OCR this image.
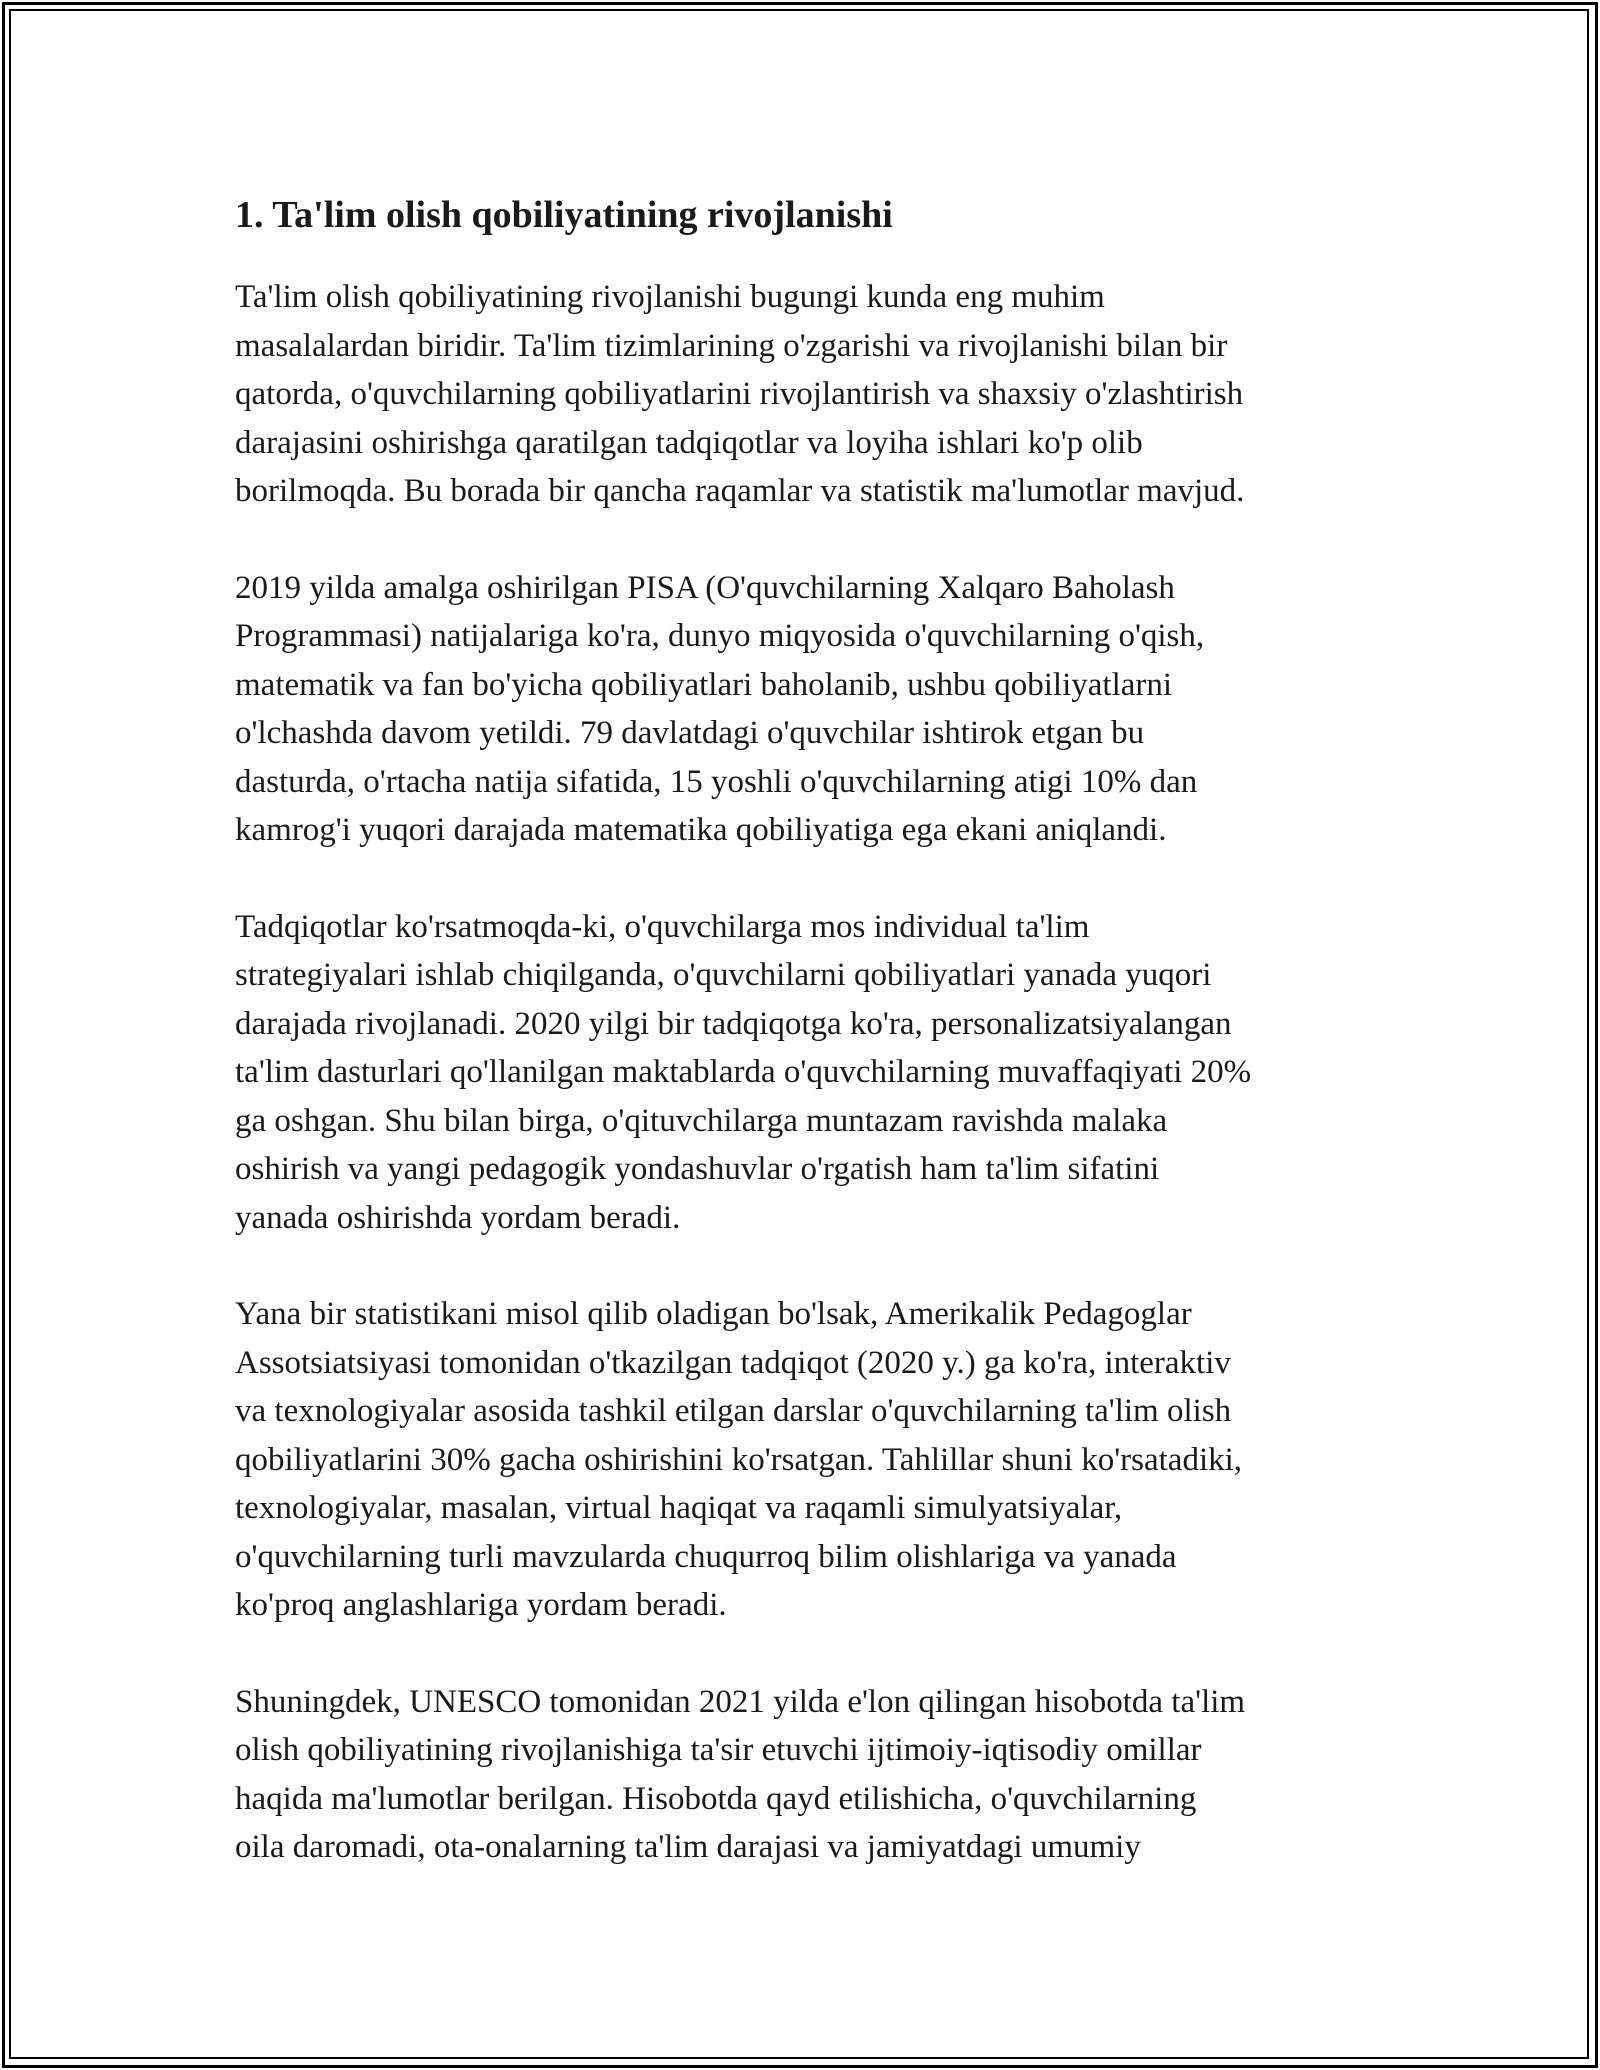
1. Ta'lim olish qobiliyatining rivojlanishi

Ta'lim olish qobiliyatining rivojlanishi bugungi kunda eng muhim
masalalardan biridir. Ta'lim tizimlarining o'zgarishi va rivojlanishi bilan bir
qatorda, o'quvchilarning qobiliyatlarini rivojlantirish va shaxsiy o'zlashtirish
darajasini oshirishga qaratilgan tadqiqotlar va loyiha ishlari ko'p olib
borilmoqda. Bu borada bir qancha raqamlar va statistik ma'lumotlar mavjud.

2019 yilda amalga oshirilgan PISA (O'quvchilarning Xalqaro Baholash
Programmasi) natijalariga ko'ra, dunyo miqyosida o'quvchilarning o'qish,
matematik va fan bo'yicha qobiliyatlari baholanib, ushbu qobiliyatlarni
o'lchashda davom yetildi. 79 davlatdagi o'quvchilar ishtirok etgan bu
dasturda, o'rtacha natija sifatida, 15 yoshli o'quvchilarning atigi 10% dan
kamrog'i yuqori darajada matematika qobiliyatiga ega ekani aniqlandi.

Tadqiqotlar ko'rsatmoqda-ki, o'quvchilarga mos individual ta'lim
strategiyalari ishlab chiqilganda, o'quvchilarni qobiliyatlari yanada yuqori
darajada rivojlanadi. 2020 yilgi bir tadqiqotga ko'ra, personalizatsiyalangan
ta'lim dasturlari qo'llanilgan maktablarda o'quvchilarning muvaffaqiyati 20%
ga oshgan. Shu bilan birga, o'qituvchilarga muntazam ravishda malaka
oshirish va yangi pedagogik yondashuvlar o'rgatish ham ta'lim sifatini
yanada oshirishda yordam beradi.

Yana bir statistikani misol qilib oladigan bo'lsak, Amerikalik Pedagoglar
Assotsiatsiyasi tomonidan o'tkazilgan tadqiqot (2020 y.) ga ko'ra, interaktiv
va texnologiyalar asosida tashkil etilgan darslar o'quvchilarning ta'lim olish
qobiliyatlarini 30% gacha oshirishini ko'rsatgan. Tahlillar shuni ko'rsatadiki,
texnologiyalar, masalan, virtual haqiqat va raqamli simulyatsiyalar,
o'quvchilarning turli mavzularda chuqurroq bilim olishlariga va yanada
ko'proq anglashlariga yordam beradi.

Shuningdek, UNESCO tomonidan 2021 yilda e'lon qilingan hisobotda ta'lim
olish qobiliyatining rivojlanishiga ta'sir etuvchi ijtimoiy-iqtisodiy omillar
haqida ma'lumotlar berilgan. Hisobotda qayd etilishicha, o'quvchilarning
oila daromadi, ota-onalarning ta'lim darajasi va jamiyatdagi umumiy
